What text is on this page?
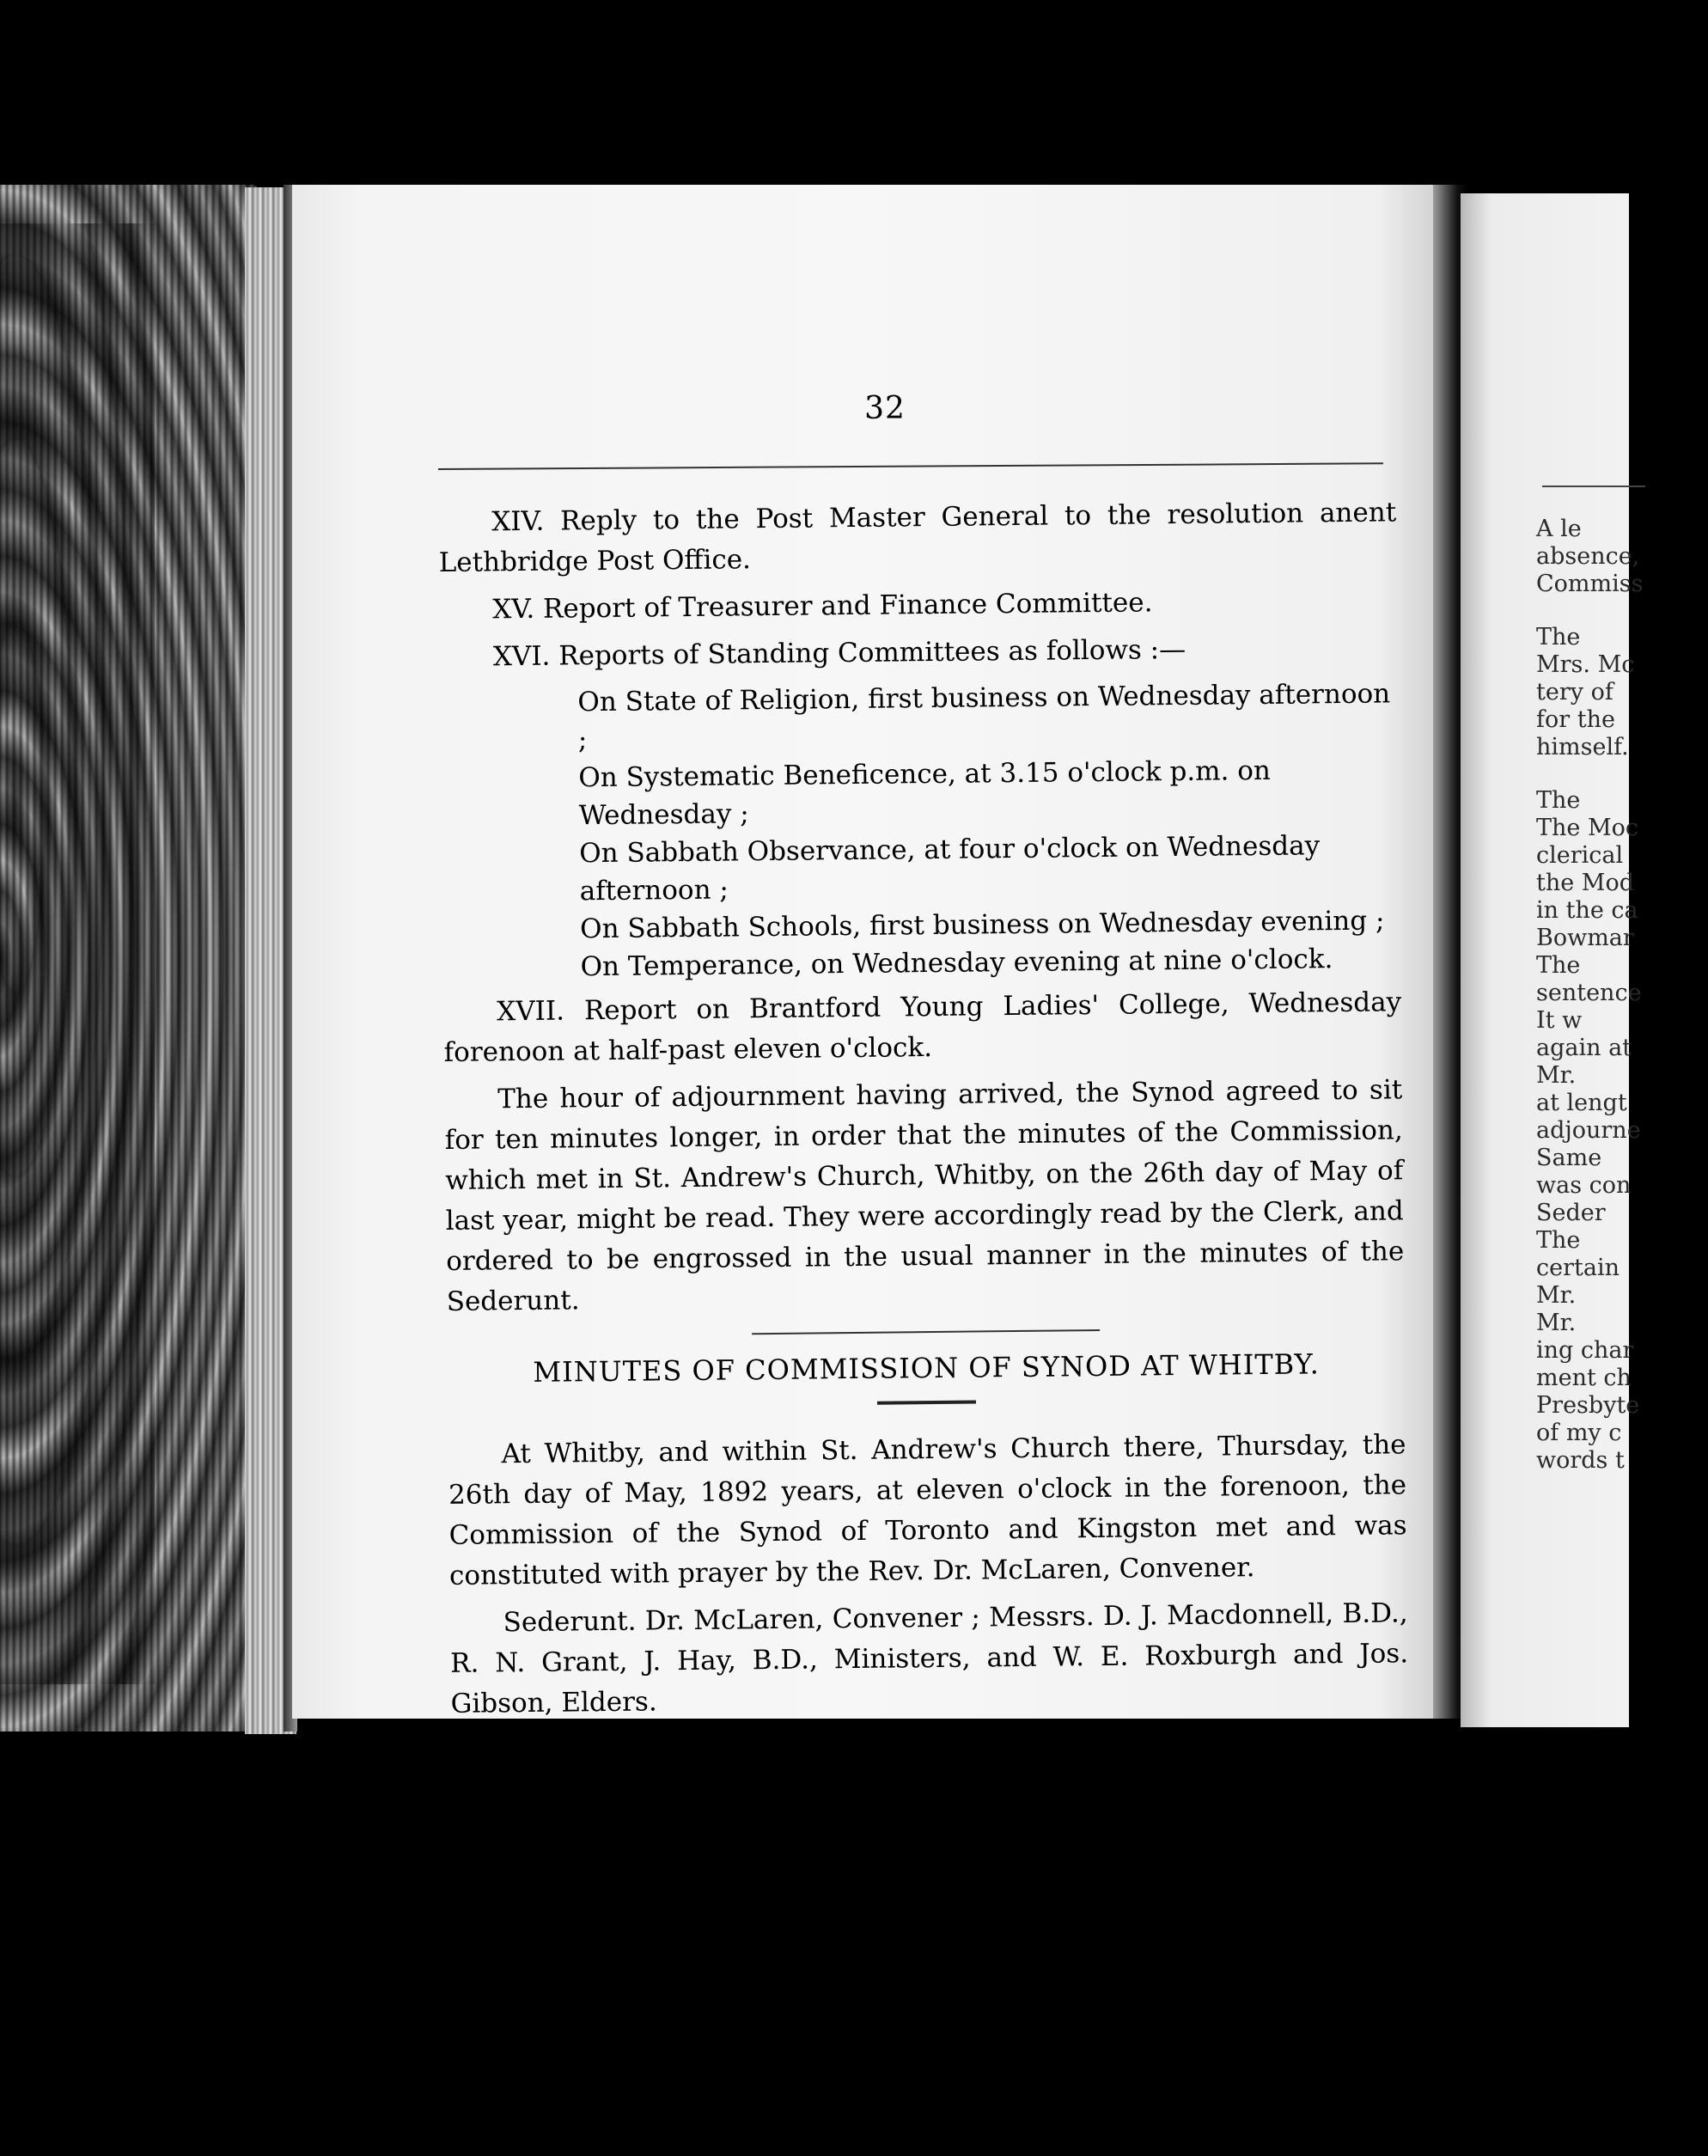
A le
absence,
Commiss
The
Mrs. Mc
tery of
for the
himself.
The
The Moc
clerical
the Mod
in the ca
Bowmar
The
sentence
It w
again at
Mr.
at lengt
adjourne
Same
was con
Seder
The
certain
Mr.
Mr.
ing char
ment ch
Presbyte
of my c
words t
32

XIV. Reply to the Post Master General to the resolution anent Lethbridge Post Office.

XV. Report of Treasurer and Finance Committee.

XVI. Reports of Standing Committees as follows :—

On State of Religion, first business on Wednesday afternoon ;
On Systematic Beneficence, at 3.15 o'clock p.m. on Wednesday ;
On Sabbath Observance, at four o'clock on Wednesday afternoon ;
On Sabbath Schools, first business on Wednesday evening ;
On Temperance, on Wednesday evening at nine o'clock.

XVII. Report on Brantford Young Ladies' College, Wednesday forenoon at half-past eleven o'clock.

The hour of adjournment having arrived, the Synod agreed to sit for ten minutes longer, in order that the minutes of the Commission, which met in St. Andrew's Church, Whitby, on the 26th day of May of last year, might be read. They were accordingly read by the Clerk, and ordered to be engrossed in the usual manner in the minutes of the Sederunt.

MINUTES OF COMMISSION OF SYNOD AT WHITBY.

At Whitby, and within St. Andrew's Church there, Thursday, the 26th day of May, 1892 years, at eleven o'clock in the forenoon, the Commission of the Synod of Toronto and Kingston met and was constituted with prayer by the Rev. Dr. McLaren, Convener.

Sederunt. Dr. McLaren, Convener ; Messrs. D. J. Macdonnell, B.D., R. N. Grant, J. Hay, B.D., Ministers, and W. E. Roxburgh and Jos. Gibson, Elders.

On motion duly made and seconded, Mr. J. Hay was appointed Clerk,

The Convener read the extract minute of Synod of Toronto and Kingston authorizing the Commission to consider and adjudicate on the Protest and Appeal of Mrs. F. F. McArthur, against a decision of the Presbytery of Whitby, in the matter of charges brought by her against a member of the Kirk Session of St. Paul's Church, Bowmanville.

There was read a note from Sheriff McLennan, giving reasons for his absence from the Commission.
